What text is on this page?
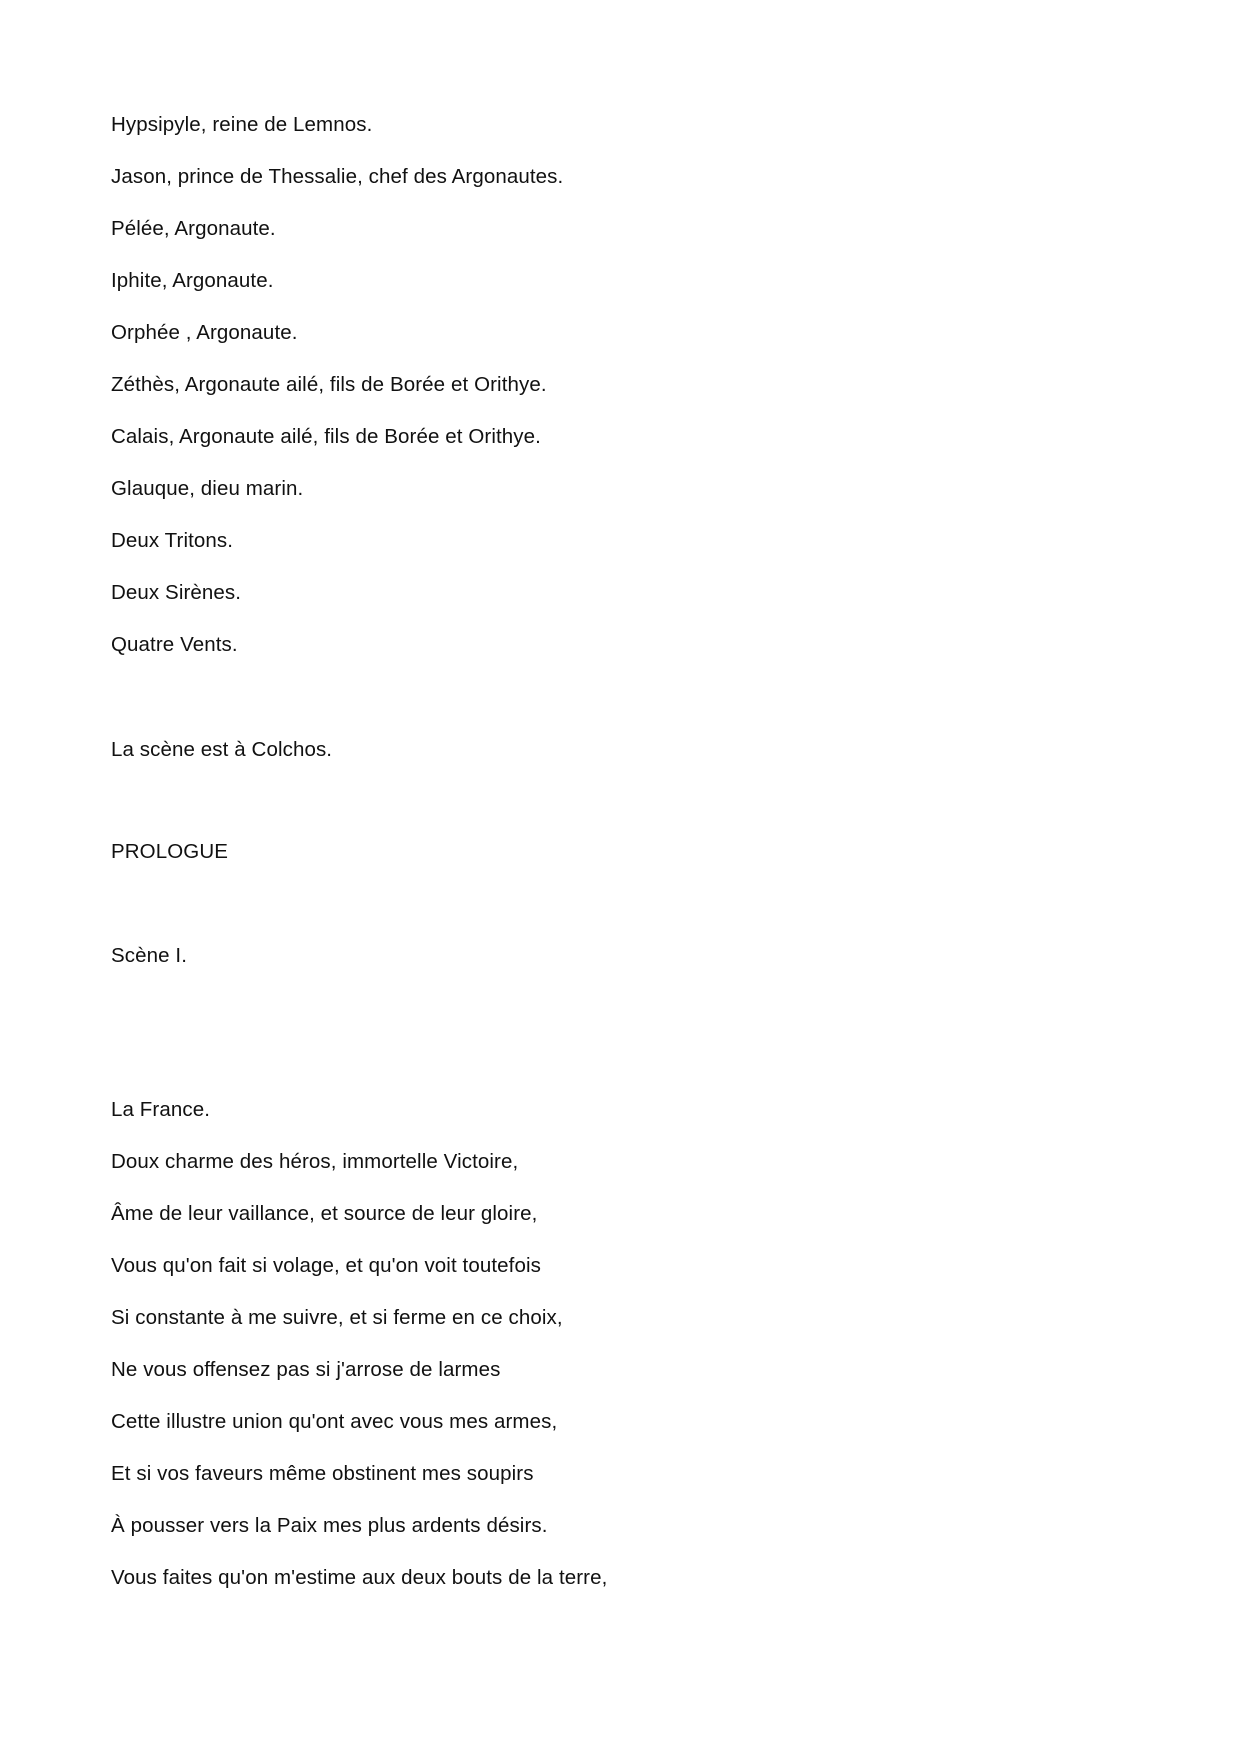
Hypsipyle, reine de Lemnos.
Jason, prince de Thessalie, chef des Argonautes.
Pélée, Argonaute.
Iphite, Argonaute.
Orphée , Argonaute.
Zéthès, Argonaute ailé, fils de Borée et Orithye.
Calais, Argonaute ailé, fils de Borée et Orithye.
Glauque, dieu marin.
Deux Tritons.
Deux Sirènes.
Quatre Vents.
La scène est à Colchos.
PROLOGUE
Scène I.
La France.
Doux charme des héros, immortelle Victoire,
Âme de leur vaillance, et source de leur gloire,
Vous qu'on fait si volage, et qu'on voit toutefois
Si constante à me suivre, et si ferme en ce choix,
Ne vous offensez pas si j'arrose de larmes
Cette illustre union qu'ont avec vous mes armes,
Et si vos faveurs même obstinent mes soupirs
À pousser vers la Paix mes plus ardents désirs.
Vous faites qu'on m'estime aux deux bouts de la terre,
